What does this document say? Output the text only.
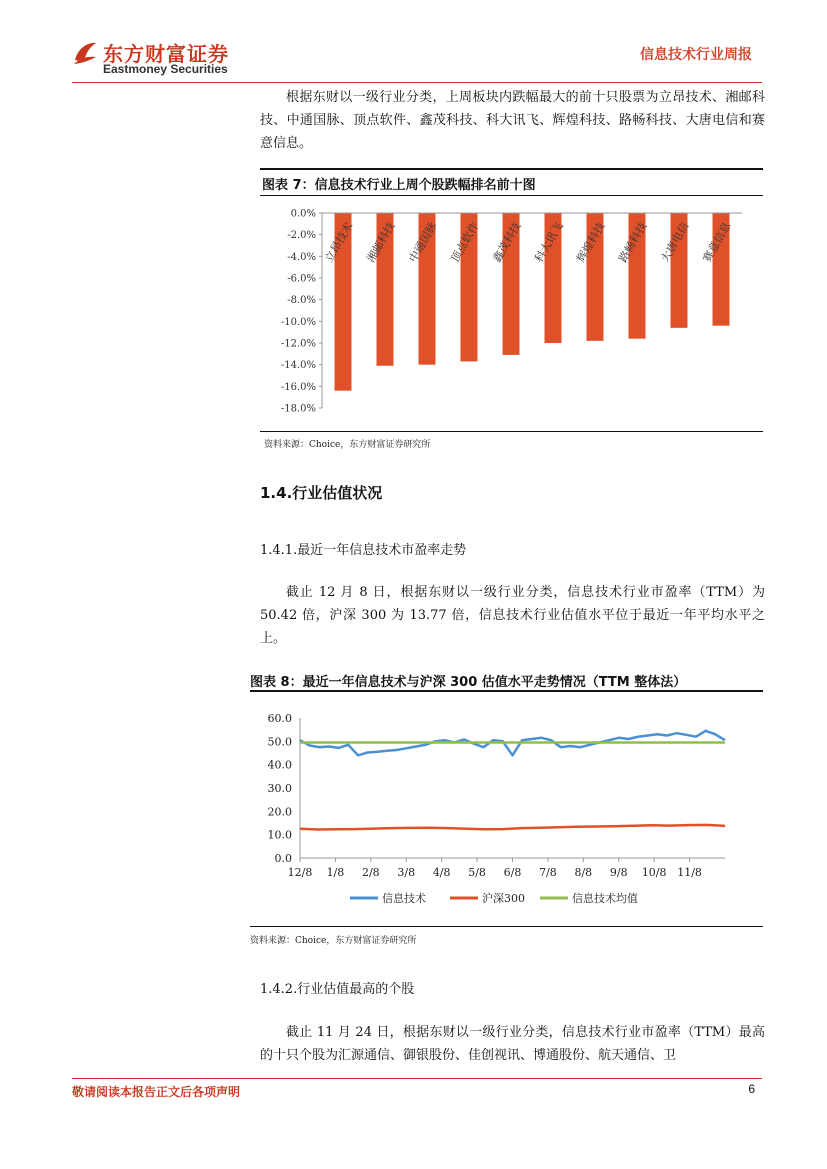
东方财富证券
Eastmoney Securities
信息技术行业周报
根据东财以一级行业分类，上周板块内跌幅最大的前十只股票为立昂技术、湘邮科技、中通国脉、顶点软件、鑫茂科技、科大讯飞、辉煌科技、路畅科技、大唐电信和赛意信息。
图表 7：信息技术行业上周个股跌幅排名前十图
0.0%
-2.0%
-4.0%
-6.0%
-8.0%
-10.0%
-12.0%
-14.0%
-16.0%
-18.0%
立昂技术 湘邮科技 中通国脉 顶点软件 鑫茂科技 科大讯飞 辉煌科技 路畅科技 大唐电信 赛意信息
资料来源：Choice，东方财富证券研究所
1.4.行业估值状况
1.4.1.最近一年信息技术市盈率走势
截止 12 月 8 日，根据东财以一级行业分类，信息技术行业市盈率（TTM）为 50.42 倍，沪深 300 为 13.77 倍，信息技术行业估值水平位于最近一年平均水平之上。
图表 8：最近一年信息技术与沪深 300 估值水平走势情况（TTM 整体法）
60.0
50.0
40.0
30.0
20.0
10.0
0.0
12/8 1/8 2/8 3/8 4/8 5/8 6/8 7/8 8/8 9/8 10/8 11/8
信息技术	沪深300	信息技术均值
资料来源：Choice，东方财富证券研究所
1.4.2.行业估值最高的个股
截止 11 月 24 日，根据东财以一级行业分类，信息技术行业市盈率（TTM）最高的十只个股为汇源通信、御银股份、佳创视讯、博通股份、航天通信、卫
敬请阅读本报告正文后各项声明	6
